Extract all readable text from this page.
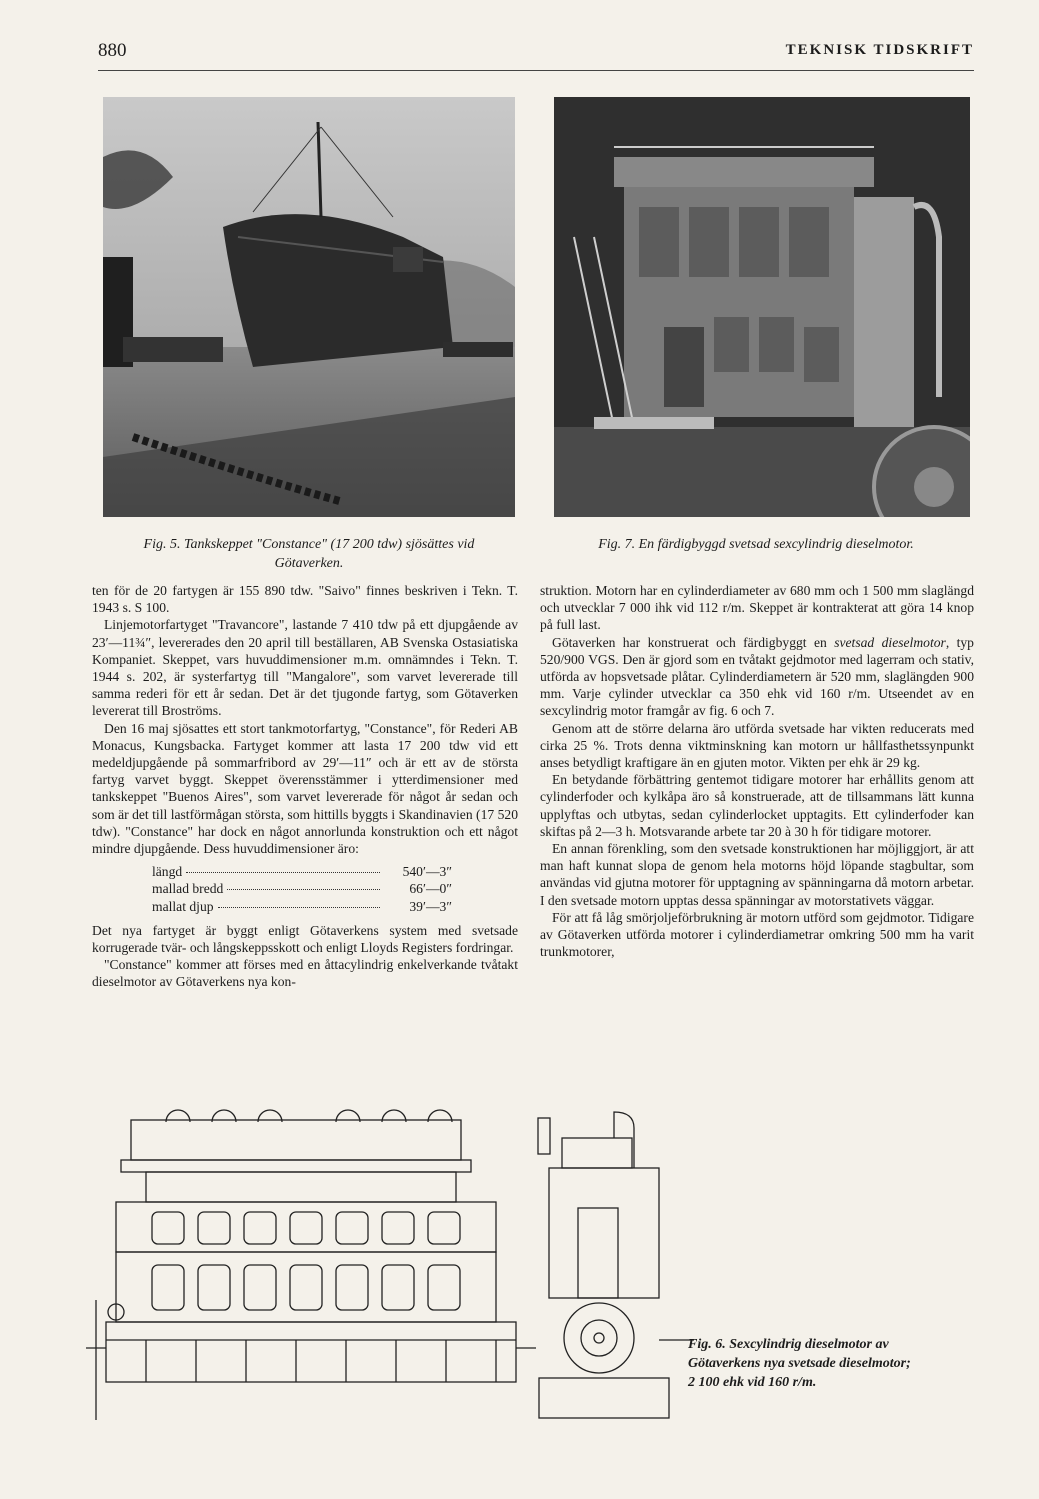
880	TEKNISK TIDSKRIFT
Fig. 5. Tankskeppet "Constance" (17 200 tdw) sjösättes vid
Götaverken.
Fig. 7. En färdigbyggd svetsad sexcylindrig dieselmotor.

ten för de 20 fartygen är 155 890 tdw. "Saivo" finnes beskriven i Tekn. T. 1943 s. S 100.

Linjemotorfartyget "Travancore", lastande 7 410 tdw på ett djupgående av 23′—11¾″, levererades den 20 april till beställaren, AB Svenska Ostasiatiska Kompaniet. Skeppet, vars huvuddimensioner m.m. omnämndes i Tekn. T. 1944 s. 202, är systerfartyg till "Mangalore", som varvet levererade till samma rederi för ett år sedan. Det är det tjugonde fartyg, som Götaverken levererat till Broströms.

Den 16 maj sjösattes ett stort tankmotorfartyg, "Constance", för Rederi AB Monacus, Kungsbacka. Fartyget kommer att lasta 17 200 tdw vid ett medeldjupgående på sommarfribord av 29′—11″ och är ett av de största fartyg varvet byggt. Skeppet överensstämmer i ytterdimensioner med tankskeppet "Buenos Aires", som varvet levererade för något år sedan och som är det till lastförmågan största, som hittills byggts i Skandinavien (17 520 tdw). "Constance" har dock en något annorlunda konstruktion och ett något mindre djupgående. Dess huvuddimensioner äro:

längd	540′—3″
mallad bredd	66′—0″
mallat djup	39′—3″

Det nya fartyget är byggt enligt Götaverkens system med svetsade korrugerade tvär- och långskeppsskott och enligt Lloyds Registers fordringar.

"Constance" kommer att förses med en åttacylindrig enkelverkande tvåtakt dieselmotor av Götaverkens nya kon-

struktion. Motorn har en cylinderdiameter av 680 mm och 1 500 mm slaglängd och utvecklar 7 000 ihk vid 112 r/m. Skeppet är kontrakterat att göra 14 knop på full last.

Götaverken har konstruerat och färdigbyggt en svetsad dieselmotor, typ 520/900 VGS. Den är gjord som en tvåtakt gejdmotor med lagerram och stativ, utförda av hopsvetsade plåtar. Cylinderdiametern är 520 mm, slaglängden 900 mm. Varje cylinder utvecklar ca 350 ehk vid 160 r/m. Utseendet av en sexcylindrig motor framgår av fig. 6 och 7.

Genom att de större delarna äro utförda svetsade har vikten reducerats med cirka 25 %. Trots denna viktminskning kan motorn ur hållfasthetssynpunkt anses betydligt kraftigare än en gjuten motor. Vikten per ehk är 29 kg.

En betydande förbättring gentemot tidigare motorer har erhållits genom att cylinderfoder och kylkåpa äro så konstruerade, att de tillsammans lätt kunna upplyftas och utbytas, sedan cylinderlocket upptagits. Ett cylinderfoder kan skiftas på 2—3 h. Motsvarande arbete tar 20 à 30 h för tidigare motorer.

En annan förenkling, som den svetsade konstruktionen har möjliggjort, är att man haft kunnat slopa de genom hela motorns höjd löpande stagbultar, som användas vid gjutna motorer för upptagning av spänningarna då motorn arbetar. I den svetsade motorn upptas dessa spänningar av motorstativets väggar.

För att få låg smörjoljeförbrukning är motorn utförd som gejdmotor. Tidigare av Götaverken utförda motorer i cylinderdiametrar omkring 500 mm ha varit trunkmotorer,

Fig. 6. Sexcylindrig dieselmotor av
Götaverkens nya svetsade dieselmotor;
2 100 ehk vid 160 r/m.
